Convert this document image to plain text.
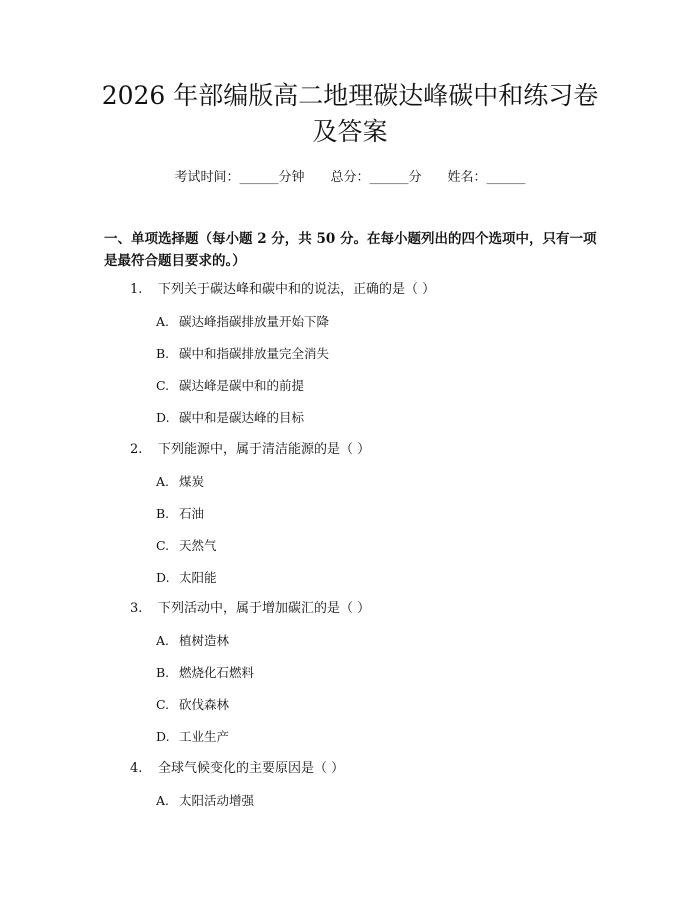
2026 年部编版高二地理碳达峰碳中和练习卷及答案
考试时间：______分钟 总分：______分 姓名：______

一、单项选择题（每小题 2 分，共 50 分。在每小题列出的四个选项中，只有一项是最符合题目要求的。）

1. 下列关于碳达峰和碳中和的说法，正确的是（ ）
A. 碳达峰指碳排放量开始下降
B. 碳中和指碳排放量完全消失
C. 碳达峰是碳中和的前提
D. 碳中和是碳达峰的目标
2. 下列能源中，属于清洁能源的是（ ）
A. 煤炭
B. 石油
C. 天然气
D. 太阳能
3. 下列活动中，属于增加碳汇的是（ ）
A. 植树造林
B. 燃烧化石燃料
C. 砍伐森林
D. 工业生产
4. 全球气候变化的主要原因是（ ）
A. 太阳活动增强
